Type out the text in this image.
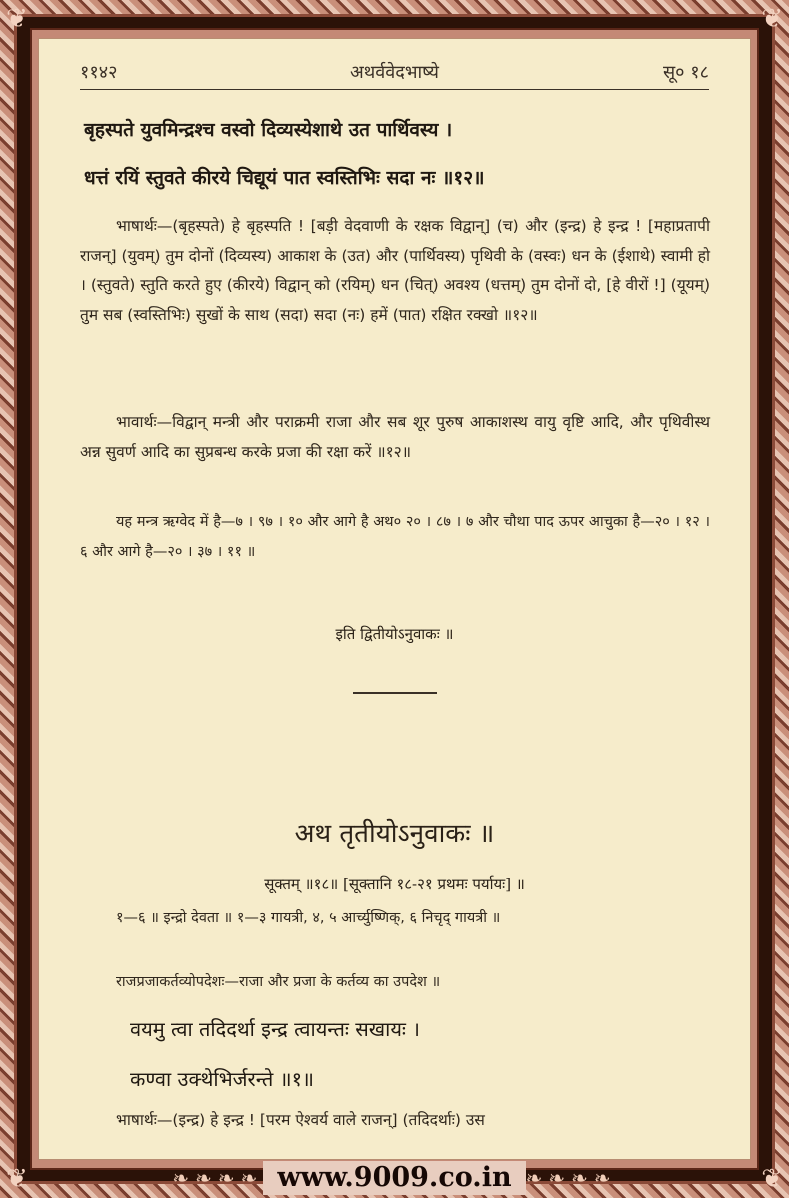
❦	❦
❦	❦
११४२	अथर्ववेदभाष्ये	सू० १८
बृहस्पते युवमिन्द्रश्च वस्वो दिव्यस्येशाथे उत पार्थिवस्य ।
धत्तं रयिं स्तुवते कीरये चिद्यूयं पात स्वस्तिभिः सदा नः ॥१२॥
भाषार्थः—(बृहस्पते) हे बृहस्पति ! [बड़ी वेदवाणी के रक्षक विद्वान्] (च) और (इन्द्र) हे इन्द्र ! [महाप्रतापी राजन्] (युवम्) तुम दोनों (दिव्यस्य) आकाश के (उत) और (पार्थिवस्य) पृथिवी के (वस्वः) धन के (ईशाथे) स्वामी हो । (स्तुवते) स्तुति करते हुए (कीरये) विद्वान् को (रयिम्) धन (चित्) अवश्य (धत्तम्) तुम दोनों दो, [हे वीरों !] (यूयम्) तुम सब (स्वस्तिभिः) सुखों के साथ (सदा) सदा (नः) हमें (पात) रक्षित रक्खो ॥१२॥
भावार्थः—विद्वान् मन्त्री और पराक्रमी राजा और सब शूर पुरुष आकाशस्थ वायु वृष्टि आदि, और पृथिवीस्थ अन्न सुवर्ण आदि का सुप्रबन्ध करके प्रजा की रक्षा करें ॥१२॥
यह मन्त्र ऋग्वेद में है—७ । ९७ । १० और आगे है अथ० २० । ८७ । ७ और चौथा पाद ऊपर आचुका है—२० । १२ । ६ और आगे है—२० । ३७ । ११ ॥
इति द्वितीयोऽनुवाकः ॥
अथ तृतीयोऽनुवाकः ॥
सूक्तम् ॥१८॥ [सूक्तानि १८-२१ प्रथमः पर्यायः] ॥
१—६ ॥ इन्द्रो देवता ॥ १—३ गायत्री, ४, ५ आर्च्युष्णिक्, ६ निचृद् गायत्री ॥
राजप्रजाकर्तव्योपदेशः—राजा और प्रजा के कर्तव्य का उपदेश ॥
वयमु त्वा तदिदर्था इन्द्र त्वायन्तः सखायः ।
कण्वा उक्थेभिर्जरन्ते ॥१॥
भाषार्थः—(इन्द्र) हे इन्द्र ! [परम ऐश्वर्य वाले राजन्] (तदिदर्थाः) उस
❧❧❧❧ www.9009.co.in ❧❧❧❧
